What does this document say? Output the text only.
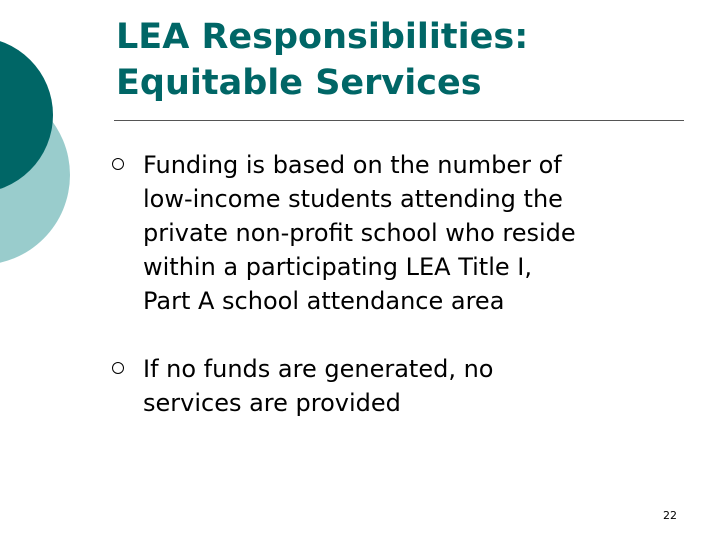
LEA Responsibilities:
Equitable Services
Funding is based on the number of
low-income students attending the
private non-profit school who reside
within a participating LEA Title I,
Part A school attendance area
If no funds are generated, no
services are provided
22
